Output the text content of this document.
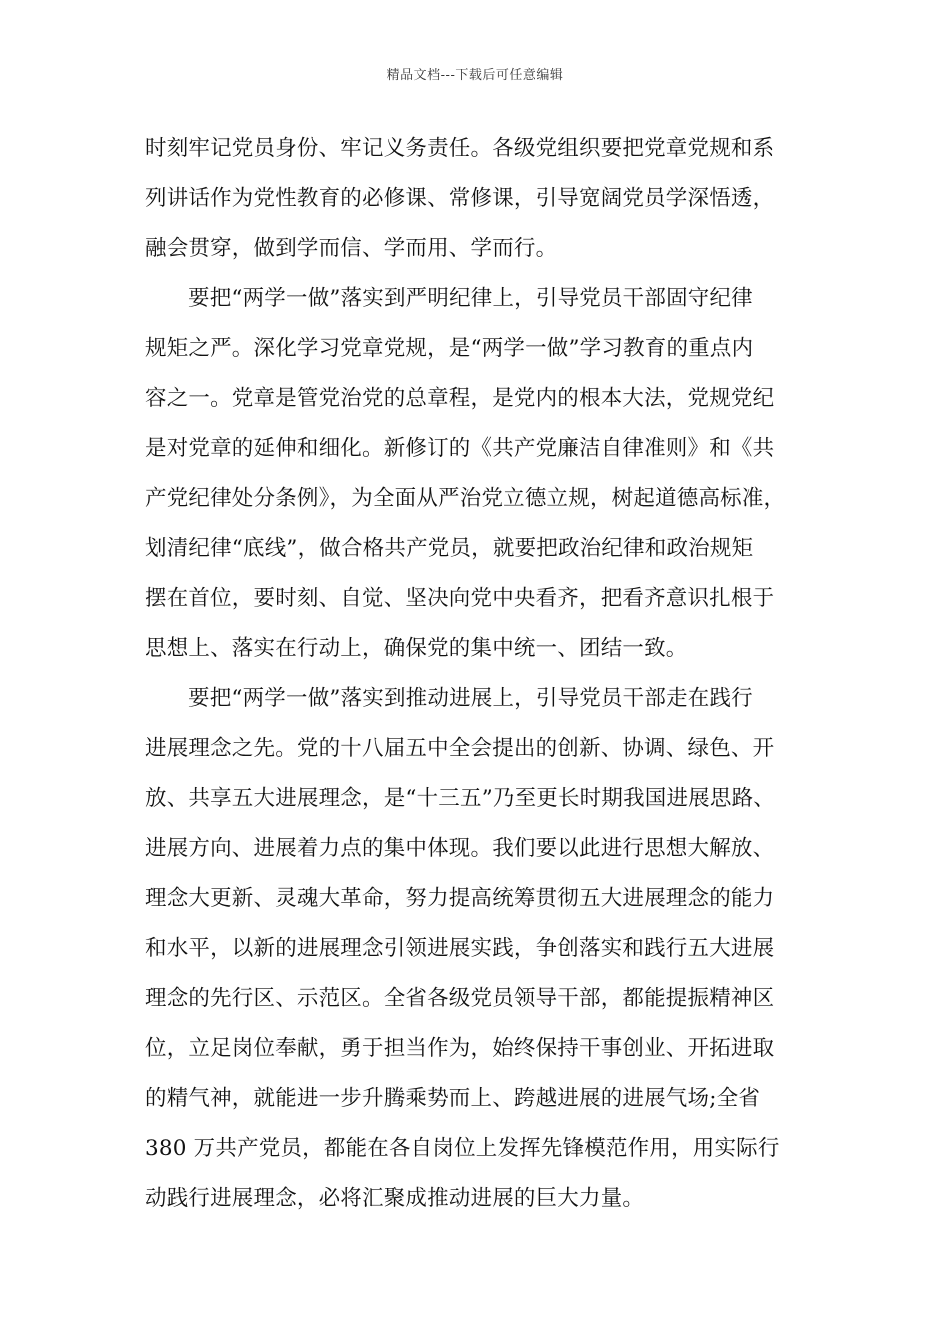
精品文档---下载后可任意编辑
时刻牢记党员身份、牢记义务责任。各级党组织要把党章党规和系
列讲话作为党性教育的必修课、常修课，引导宽阔党员学深悟透，
融会贯穿，做到学而信、学而用、学而行。
要把“两学一做”落实到严明纪律上，引导党员干部固守纪律
规矩之严。深化学习党章党规，是“两学一做”学习教育的重点内
容之一。党章是管党治党的总章程，是党内的根本大法，党规党纪
是对党章的延伸和细化。新修订的《共产党廉洁自律准则》和《共
产党纪律处分条例》，为全面从严治党立德立规，树起道德高标准，
划清纪律“底线”，做合格共产党员，就要把政治纪律和政治规矩
摆在首位，要时刻、自觉、坚决向党中央看齐，把看齐意识扎根于
思想上、落实在行动上，确保党的集中统一、团结一致。
要把“两学一做”落实到推动进展上，引导党员干部走在践行
进展理念之先。党的十八届五中全会提出的创新、协调、绿色、开
放、共享五大进展理念，是“十三五”乃至更长时期我国进展思路、
进展方向、进展着力点的集中体现。我们要以此进行思想大解放、
理念大更新、灵魂大革命，努力提高统筹贯彻五大进展理念的能力
和水平，以新的进展理念引领进展实践，争创落实和践行五大进展
理念的先行区、示范区。全省各级党员领导干部，都能提振精神区
位，立足岗位奉献，勇于担当作为，始终保持干事创业、开拓进取
的精气神，就能进一步升腾乘势而上、跨越进展的进展气场;全省
380 万共产党员，都能在各自岗位上发挥先锋模范作用，用实际行
动践行进展理念，必将汇聚成推动进展的巨大力量。
